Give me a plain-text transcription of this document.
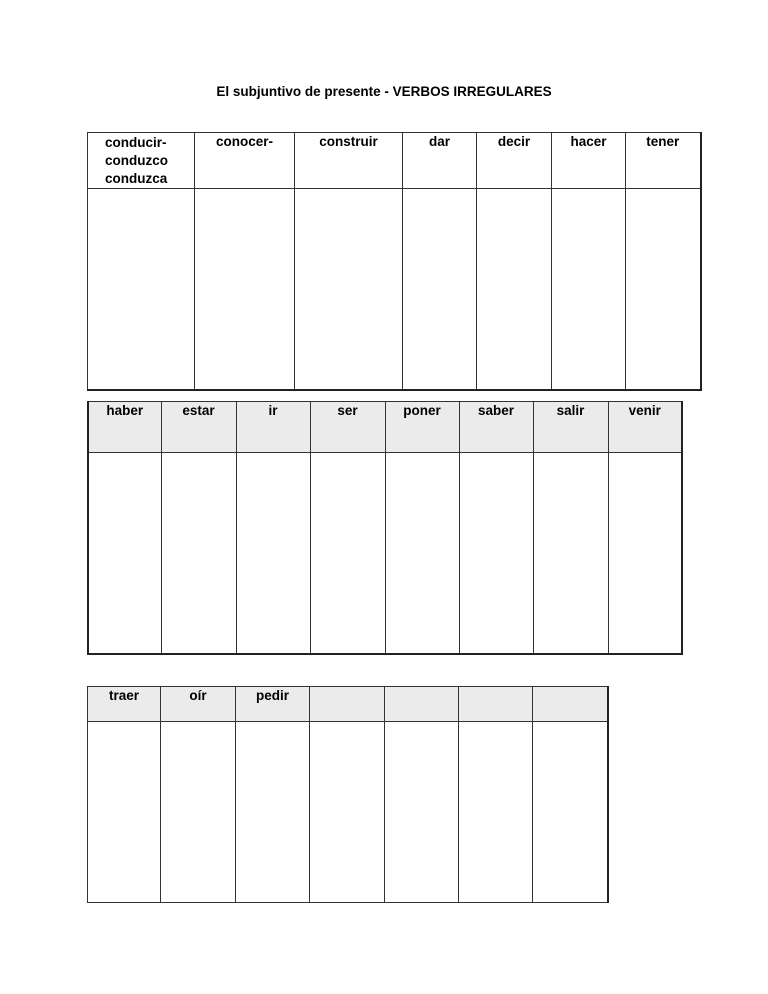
El subjuntivo de presente - VERBOS IRREGULARES
conducir-
conduzco
conduzca	conocer-	construir	dar	decir	hacer	tener

haber	estar	ir	ser	poner	saber	salir	venir

traer	oír	pedir				
